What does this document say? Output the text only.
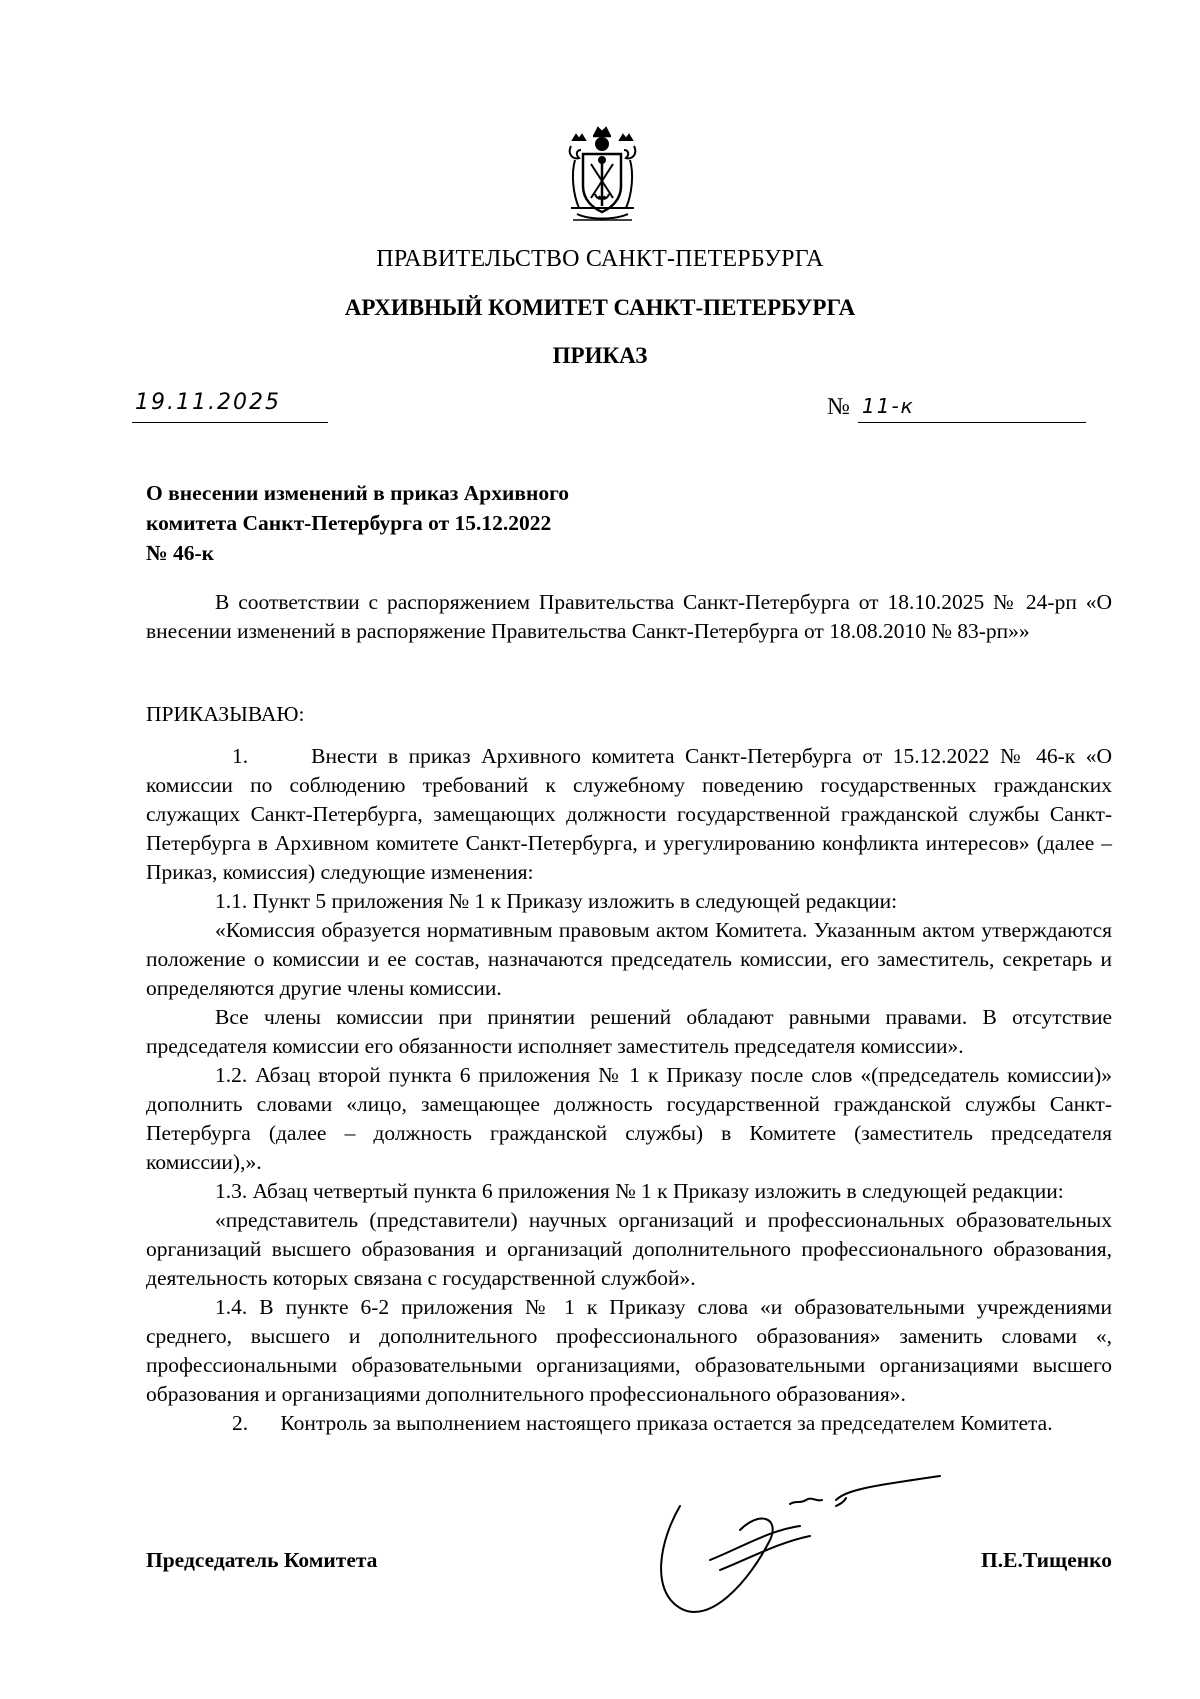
ПРАВИТЕЛЬСТВО САНКТ-ПЕТЕРБУРГА
АРХИВНЫЙ КОМИТЕТ САНКТ-ПЕТЕРБУРГА
ПРИКАЗ
19.11.2025	№ 11-к
О внесении изменений в приказ Архивного
комитета Санкт-Петербурга от 15.12.2022
№ 46-к

В соответствии с распоряжением Правительства Санкт-Петербурга от 18.10.2025 № 24-рп «О внесении изменений в распоряжение Правительства Санкт-Петербурга от 18.08.2010 № 83-рп»»

ПРИКАЗЫВАЮ:

1.      Внести в приказ Архивного комитета Санкт-Петербурга от 15.12.2022 № 46-к «О комиссии по соблюдению требований к служебному поведению государственных гражданских служащих Санкт-Петербурга, замещающих должности государственной гражданской службы Санкт-Петербурга в Архивном комитете Санкт-Петербурга, и урегулированию конфликта интересов» (далее – Приказ, комиссия) следующие изменения:

1.1. Пункт 5 приложения № 1 к Приказу изложить в следующей редакции:

«Комиссия образуется нормативным правовым актом Комитета. Указанным актом утверждаются положение о комиссии и ее состав, назначаются председатель комиссии, его заместитель, секретарь и определяются другие члены комиссии.

Все члены комиссии при принятии решений обладают равными правами. В отсутствие председателя комиссии его обязанности исполняет заместитель председателя комиссии».

1.2. Абзац второй пункта 6 приложения № 1 к Приказу после слов «(председатель комиссии)» дополнить словами «лицо, замещающее должность государственной гражданской службы Санкт-Петербурга (далее – должность гражданской службы) в Комитете (заместитель председателя комиссии),».

1.3. Абзац четвертый пункта 6 приложения № 1 к Приказу изложить в следующей редакции:

«представитель (представители) научных организаций и профессиональных образовательных организаций высшего образования и организаций дополнительного профессионального образования, деятельность которых связана с государственной службой».

1.4. В пункте 6-2 приложения № 1 к Приказу слова «и образовательными учреждениями среднего, высшего и дополнительного профессионального образования» заменить словами «, профессиональными образовательными организациями, образовательными организациями высшего образования и организациями дополнительного профессионального образования».

2.      Контроль за выполнением настоящего приказа остается за председателем Комитета.

Председатель Комитета	П.Е.Тищенко
